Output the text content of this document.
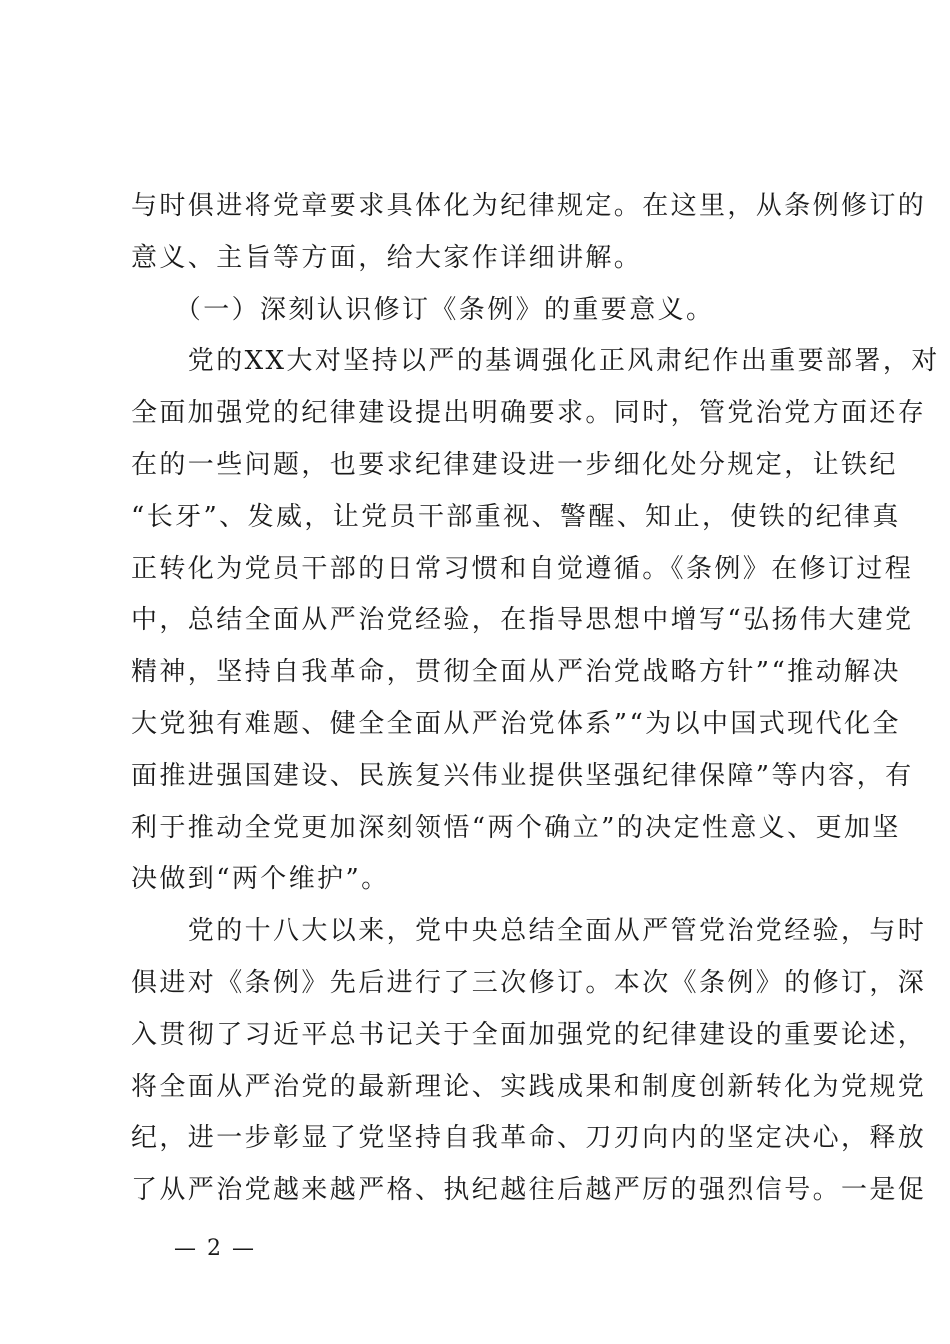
与时俱进将党章要求具体化为纪律规定。在这里，从条例修订的
意义、主旨等方面，给大家作详细讲解。
　　（一）深刻认识修订《条例》的重要意义。
　　党的XX大对坚持以严的基调强化正风肃纪作出重要部署，对
全面加强党的纪律建设提出明确要求。同时，管党治党方面还存
在的一些问题，也要求纪律建设进一步细化处分规定，让铁纪
“长牙”、发威，让党员干部重视、警醒、知止，使铁的纪律真
正转化为党员干部的日常习惯和自觉遵循。《条例》在修订过程
中，总结全面从严治党经验，在指导思想中增写“弘扬伟大建党
精神，坚持自我革命，贯彻全面从严治党战略方针”“推动解决
大党独有难题、健全全面从严治党体系”“为以中国式现代化全
面推进强国建设、民族复兴伟业提供坚强纪律保障”等内容，有
利于推动全党更加深刻领悟“两个确立”的决定性意义、更加坚
决做到“两个维护”。
　　党的十八大以来，党中央总结全面从严管党治党经验，与时
俱进对《条例》先后进行了三次修订。本次《条例》的修订，深
入贯彻了习近平总书记关于全面加强党的纪律建设的重要论述，
将全面从严治党的最新理论、实践成果和制度创新转化为党规党
纪，进一步彰显了党坚持自我革命、刀刃向内的坚定决心，释放
了从严治党越来越严格、执纪越往后越严厉的强烈信号。一是促
— 2 —
